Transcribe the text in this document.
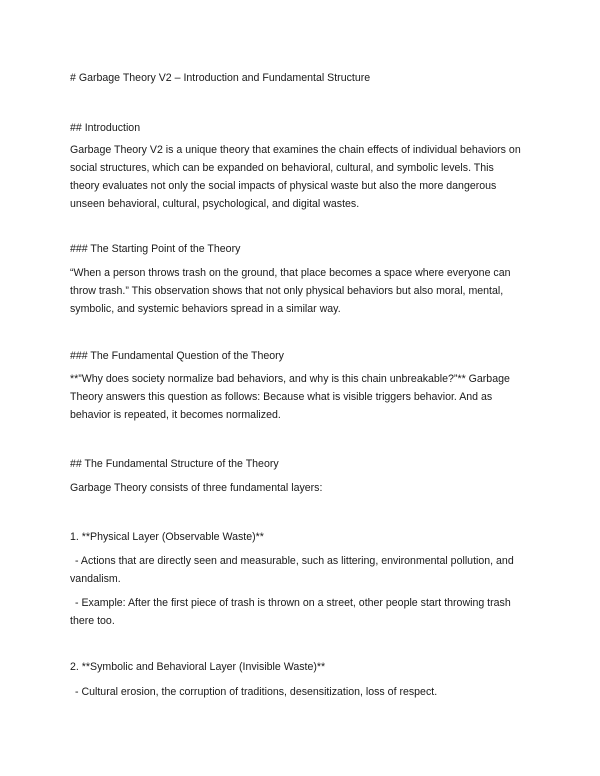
# Garbage Theory V2 – Introduction and Fundamental Structure
## Introduction
Garbage Theory V2 is a unique theory that examines the chain effects of individual behaviors on
social structures, which can be expanded on behavioral, cultural, and symbolic levels. This
theory evaluates not only the social impacts of physical waste but also the more dangerous
unseen behavioral, cultural, psychological, and digital wastes.
### The Starting Point of the Theory
“When a person throws trash on the ground, that place becomes a space where everyone can
throw trash.” This observation shows that not only physical behaviors but also moral, mental,
symbolic, and systemic behaviors spread in a similar way.
### The Fundamental Question of the Theory
**”Why does society normalize bad behaviors, and why is this chain unbreakable?”** Garbage
Theory answers this question as follows: Because what is visible triggers behavior. And as
behavior is repeated, it becomes normalized.
## The Fundamental Structure of the Theory
Garbage Theory consists of three fundamental layers:
1. **Physical Layer (Observable Waste)**
- Actions that are directly seen and measurable, such as littering, environmental pollution, and
vandalism.
- Example: After the first piece of trash is thrown on a street, other people start throwing trash
there too.
2. **Symbolic and Behavioral Layer (Invisible Waste)**
- Cultural erosion, the corruption of traditions, desensitization, loss of respect.
